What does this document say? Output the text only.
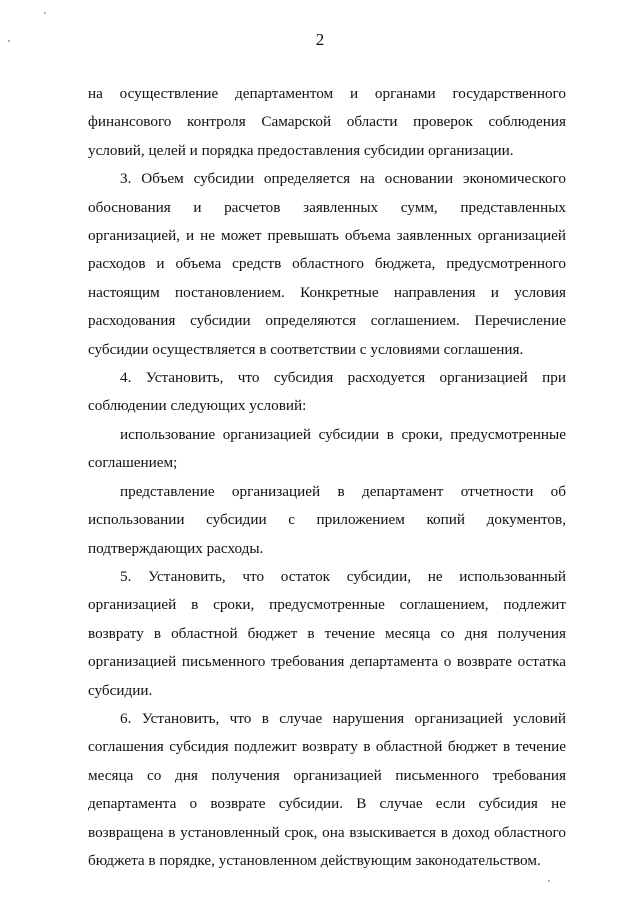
2

на осуществление департаментом и органами государственного финансового контроля Самарской области проверок соблюдения условий, целей и порядка предоставления субсидии организации.

3. Объем субсидии определяется на основании экономического обоснования и расчетов заявленных сумм, представленных организацией, и не может превышать объема заявленных организацией расходов и объема средств областного бюджета, предусмотренного настоящим постановлением. Конкретные направления и условия расходования субсидии определяются соглашением. Перечисление субсидии осуществляется в соответствии с условиями соглашения.

4. Установить, что субсидия расходуется организацией при соблюдении следующих условий:

использование организацией субсидии в сроки, предусмотренные соглашением;

представление организацией в департамент отчетности об использовании субсидии с приложением копий документов, подтверждающих расходы.

5. Установить, что остаток субсидии, не использованный организацией в сроки, предусмотренные соглашением, подлежит возврату в областной бюджет в течение месяца со дня получения организацией письменного требования департамента о возврате остатка субсидии.

6. Установить, что в случае нарушения организацией условий соглашения субсидия подлежит возврату в областной бюджет в течение месяца со дня получения организацией письменного требования департамента о возврате субсидии. В случае если субсидия не возвращена в установленный срок, она взыскивается в доход областного бюджета в порядке, установленном действующим законодательством.
